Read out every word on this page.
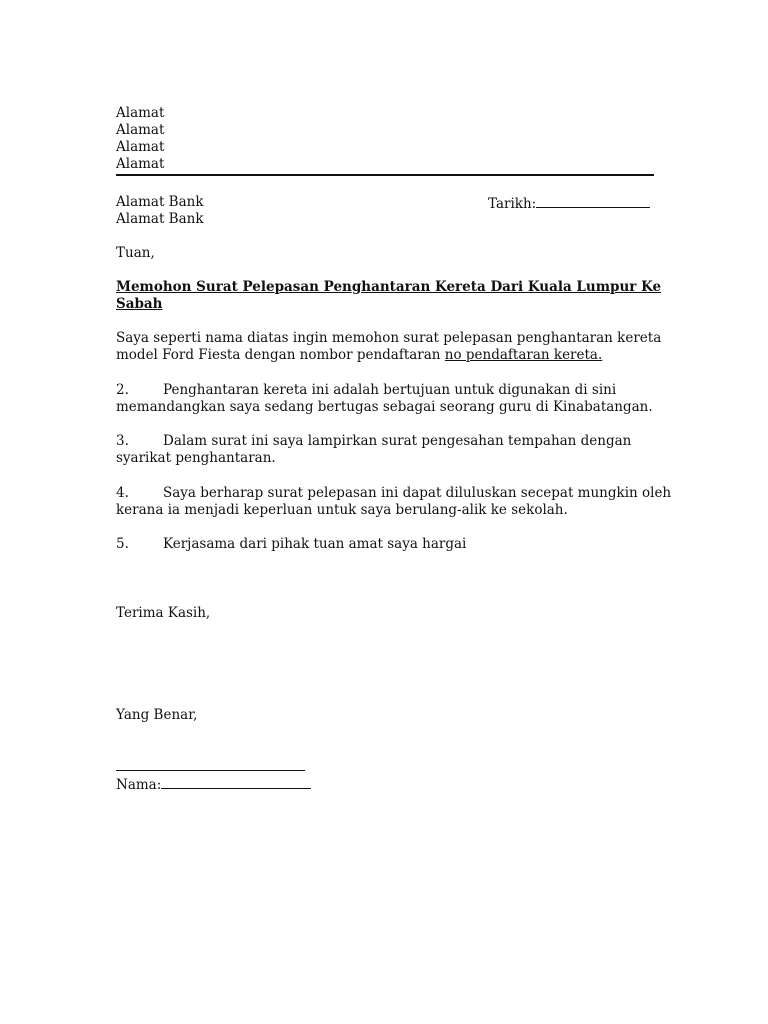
Alamat
Alamat
Alamat
Alamat
Alamat Bank
Alamat Bank
Tarikh:
Tuan,
Memohon Surat Pelepasan Penghantaran Kereta Dari Kuala Lumpur Ke
Sabah
Saya seperti nama diatas ingin memohon surat pelepasan penghantaran kereta
model Ford Fiesta dengan nombor pendaftaran no pendaftaran kereta.
2.	Penghantaran kereta ini adalah bertujuan untuk digunakan di sini
memandangkan saya sedang bertugas sebagai seorang guru di Kinabatangan.
3.	Dalam surat ini saya lampirkan surat pengesahan tempahan dengan
syarikat penghantaran.
4.	Saya berharap surat pelepasan ini dapat diluluskan secepat mungkin oleh
kerana ia menjadi keperluan untuk saya berulang-alik ke sekolah.
5.	Kerjasama dari pihak tuan amat saya hargai
Terima Kasih,
Yang Benar,
Nama:
